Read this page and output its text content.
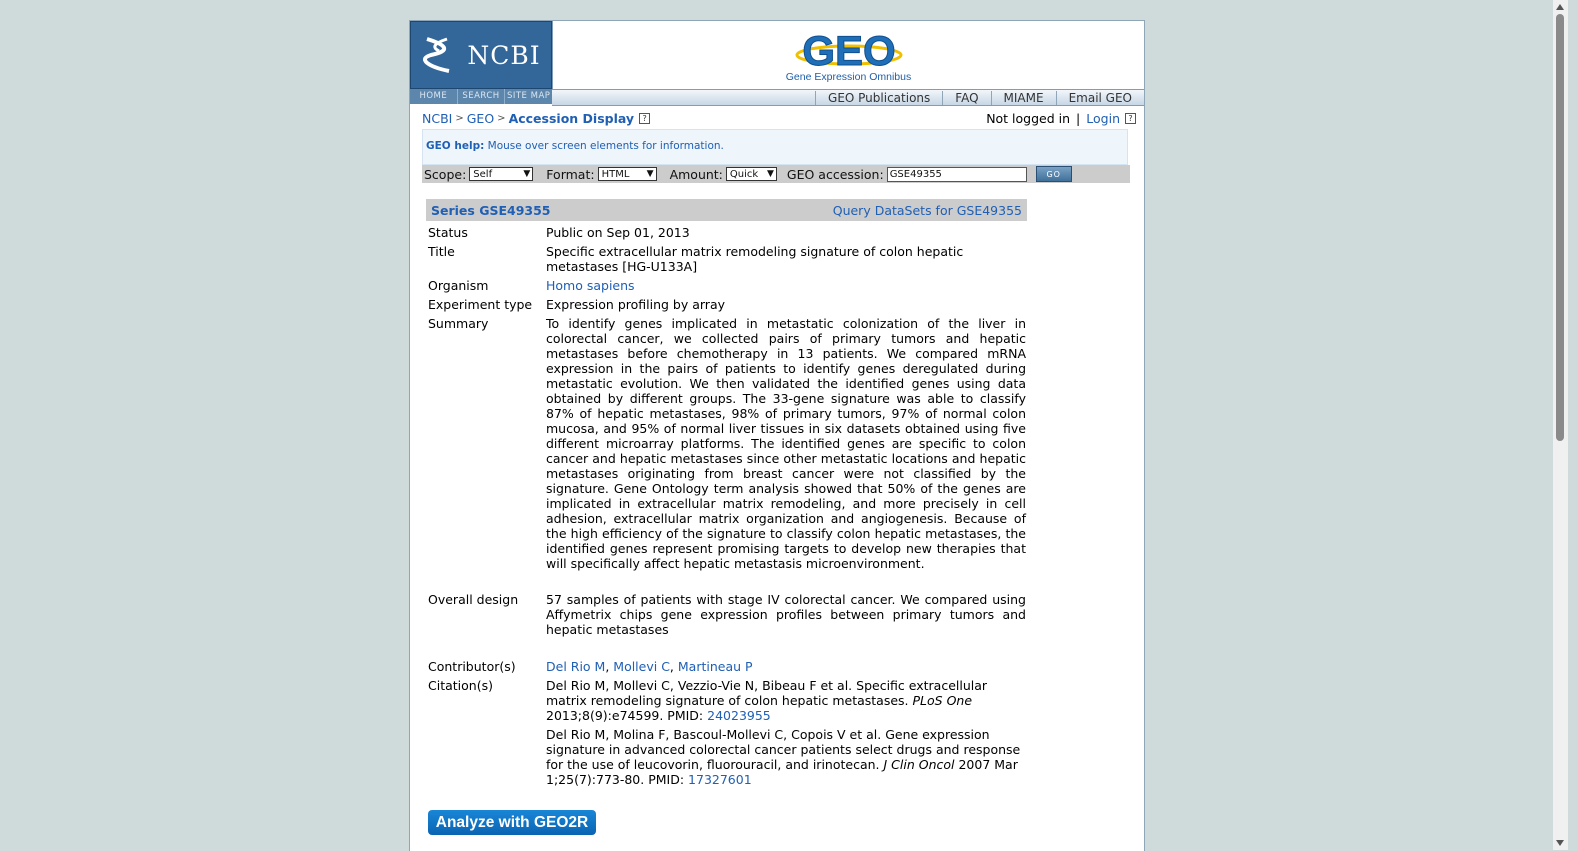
NCBI
HOME	SEARCH SITE MAP
GEO
Gene Expression Omnibus
GEO Publications	FAQ	MIAME	Email GEO
NCBI > GEO > Accession Display	?	Not logged in | Login	?
GEO help: Mouse over screen elements for information.
Scope: Self	▼ Format: HTML ▼ Amount: Quick ▼ GEO accession: GSE49355	GO
Series GSE49355	Query DataSets for GSE49355
Status	Public on Sep 01, 2013
Title	Specific extracellular matrix remodeling signature of colon hepatic metastases [HG-U133A]
Organism	Homo sapiens
Experiment type	Expression profiling by array
Summary	To identify genes implicated in metastatic colonization of the liver in colorectal cancer, we collected pairs of primary tumors and hepatic metastases before chemotherapy in 13 patients. We compared mRNA expression in the pairs of patients to identify genes deregulated during metastatic evolution. We then validated the identified genes using data obtained by different groups. The 33-gene signature was able to classify 87% of hepatic metastases, 98% of primary tumors, 97% of normal colon mucosa, and 95% of normal liver tissues in six datasets obtained using five different microarray platforms. The identified genes are specific to colon cancer and hepatic metastases since other metastatic locations and hepatic metastases originating from breast cancer were not classified by the signature. Gene Ontology term analysis showed that 50% of the genes are implicated in extracellular matrix remodeling, and more precisely in cell adhesion, extracellular matrix organization and angiogenesis. Because of the high efficiency of the signature to classify colon hepatic metastases, the identified genes represent promising targets to develop new therapies that will specifically affect hepatic metastasis microenvironment.
Overall design	57 samples of patients with stage IV colorectal cancer. We compared using Affymetrix chips gene expression profiles between primary tumors and hepatic metastases
Contributor(s)	Del Rio M, Mollevi C, Martineau P
Citation(s)	Del Rio M, Mollevi C, Vezzio-Vie N, Bibeau F et al. Specific extracellular matrix remodeling signature of colon hepatic metastases. PLoS One 2013;8(9):e74599. PMID: 24023955
Del Rio M, Molina F, Bascoul-Mollevi C, Copois V et al. Gene expression signature in advanced colorectal cancer patients select drugs and response for the use of leucovorin, fluorouracil, and irinotecan. J Clin Oncol 2007 Mar 1;25(7):773-80. PMID: 17327601
Analyze with GEO2R
